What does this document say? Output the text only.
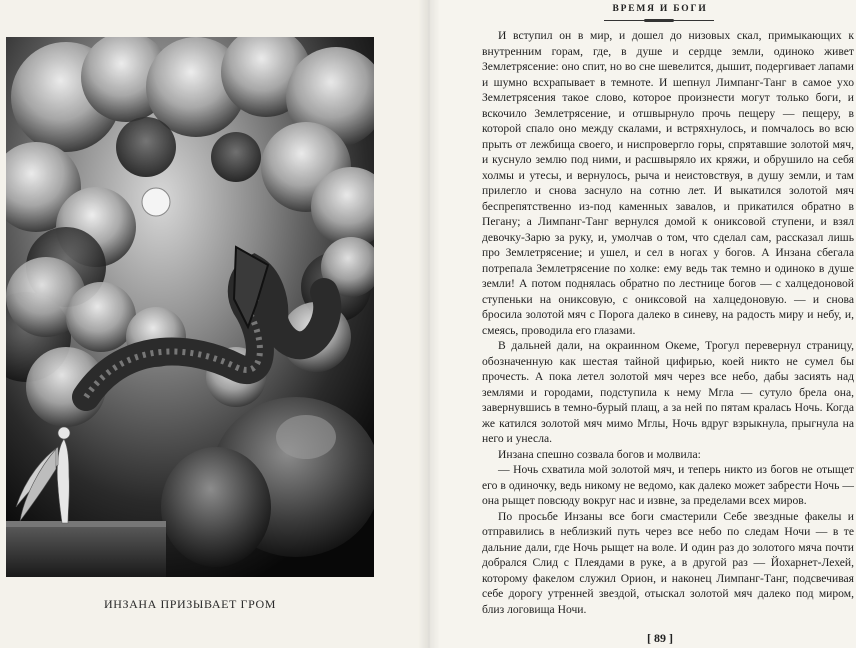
ИНЗАНА ПРИЗЫВАЕТ ГРОМ
ВРЕМЯ И БОГИ

И вступил он в мир, и дошел до низовых скал, примыкающих к внутренним горам, где, в душе и сердце земли, одиноко живет Землетрясение: оно спит, но во сне шевелится, дышит, подергивает лапами и шумно всхрапывает в темноте. И шепнул Лимпанг-Танг в самое ухо Землетрясения такое слово, которое произнести могут только боги, и вскочило Землетрясение, и отшвырнуло прочь пещеру — пещеру, в которой спало оно между скалами, и встряхнулось, и помчалось во всю прыть от лежбища своего, и ниспровергло горы, спрятавшие золотой мяч, и куснуло землю под ними, и расшвыряло их кряжи, и обрушило на себя холмы и утесы, и вернулось, рыча и неистовствуя, в душу земли, и там прилегло и снова заснуло на сотню лет. И выкатился золотой мяч беспрепятственно из-под каменных завалов, и прикатился обратно в Пегану; а Лимпанг-Танг вернулся домой к ониксовой ступени, и взял девочку-Зарю за руку, и, умолчав о том, что сделал сам, рассказал лишь про Землетрясение; и ушел, и сел в ногах у богов. А Инзана сбегала потрепала Землетрясение по холке: ему ведь так темно и одиноко в душе земли! А потом поднялась обратно по лестнице богов — с халцедоновой ступеньки на ониксовую, с ониксовой на халцедоновую. — и снова бросила золотой мяч с Порога далеко в синеву, на радость миру и небу, и, смеясь, проводила его глазами.

В дальней дали, на окраинном Океме, Трогул перевернул страницу, обозначенную как шестая тайной цифирью, коей никто не сумел бы прочесть. А пока летел золотой мяч через все небо, дабы засиять над землями и городами, подступила к нему Мгла — сутуло брела она, завернувшись в темно-бурый плащ, а за ней по пятам кралась Ночь. Когда же катился золотой мяч мимо Мглы, Ночь вдруг взрыкнула, прыгнула на него и унесла.

Инзана спешно созвала богов и молвила:

— Ночь схватила мой золотой мяч, и теперь никто из богов не отыщет его в одиночку, ведь никому не ведомо, как далеко может забрести Ночь — она рыщет повсюду вокруг нас и извне, за пределами всех миров.

По просьбе Инзаны все боги смастерили Себе звездные факелы и отправились в неблизкий путь через все небо по следам Ночи — в те дальние дали, где Ночь рыщет на воле. И один раз до золотого мяча почти добрался Слид с Плеядами в руке, а в другой раз — Йохарнет-Лехей, которому факелом служил Орион, и наконец Лимпанг-Танг, подсвечивая себе дорогу утренней звездой, отыскал золотой мяч далеко под миром, близ логовища Ночи.

[ 89 ]
